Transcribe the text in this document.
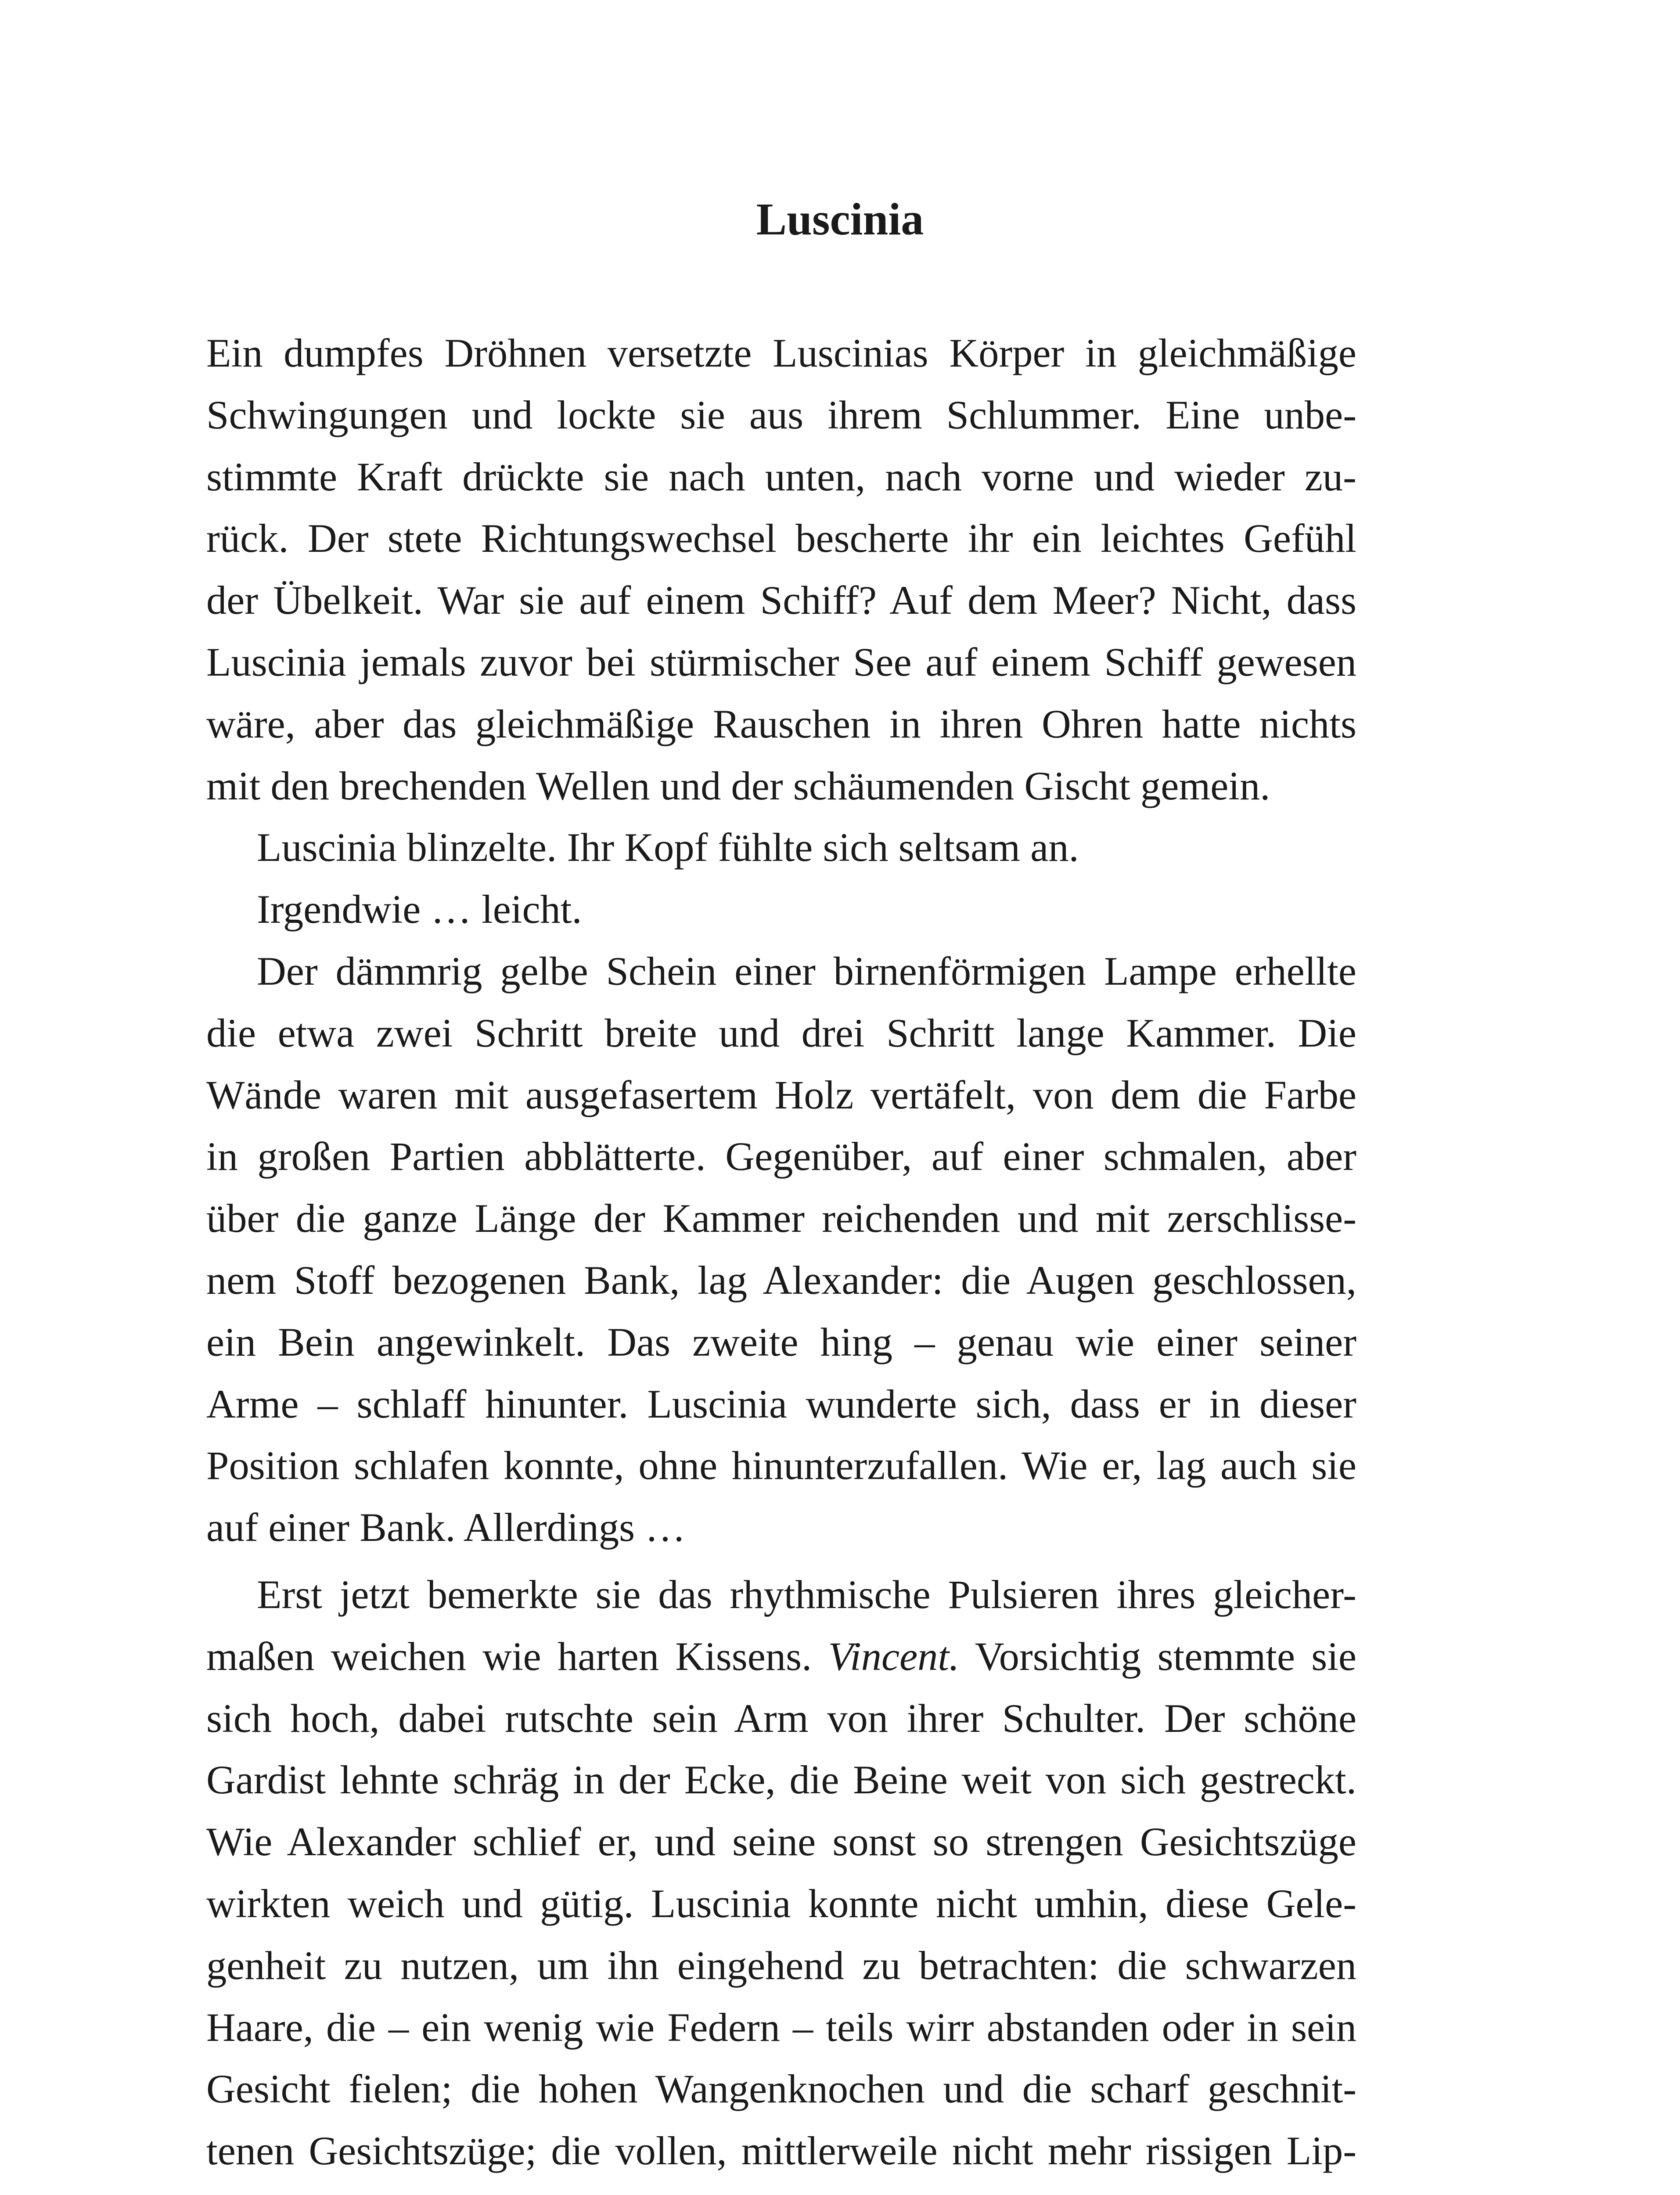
Luscinia
Ein dumpfes Dröhnen versetzte Luscinias Körper in gleichmäßige
Schwingungen und lockte sie aus ihrem Schlummer. Eine unbe-
stimmte Kraft drückte sie nach unten, nach vorne und wieder zu-
rück. Der stete Richtungswechsel bescherte ihr ein leichtes Gefühl
der Übelkeit. War sie auf einem Schiff? Auf dem Meer? Nicht, dass
Luscinia jemals zuvor bei stürmischer See auf einem Schiff gewesen
wäre, aber das gleichmäßige Rauschen in ihren Ohren hatte nichts
mit den brechenden Wellen und der schäumenden Gischt gemein.
Luscinia blinzelte. Ihr Kopf fühlte sich seltsam an.
Irgendwie … leicht.
Der dämmrig gelbe Schein einer birnenförmigen Lampe erhellte
die etwa zwei Schritt breite und drei Schritt lange Kammer. Die
Wände waren mit ausgefasertem Holz vertäfelt, von dem die Farbe
in großen Partien abblätterte. Gegenüber, auf einer schmalen, aber
über die ganze Länge der Kammer reichenden und mit zerschlisse-
nem Stoff bezogenen Bank, lag Alexander: die Augen geschlossen,
ein Bein angewinkelt. Das zweite hing – genau wie einer seiner
Arme – schlaff hinunter. Luscinia wunderte sich, dass er in dieser
Position schlafen konnte, ohne hinunterzufallen. Wie er, lag auch sie
auf einer Bank. Allerdings …
Erst jetzt bemerkte sie das rhythmische Pulsieren ihres gleicher-
maßen weichen wie harten Kissens. Vincent. Vorsichtig stemmte sie
sich hoch, dabei rutschte sein Arm von ihrer Schulter. Der schöne
Gardist lehnte schräg in der Ecke, die Beine weit von sich gestreckt.
Wie Alexander schlief er, und seine sonst so strengen Gesichtszüge
wirkten weich und gütig. Luscinia konnte nicht umhin, diese Gele-
genheit zu nutzen, um ihn eingehend zu betrachten: die schwarzen
Haare, die – ein wenig wie Federn – teils wirr abstanden oder in sein
Gesicht fielen; die hohen Wangenknochen und die scharf geschnit-
tenen Gesichtszüge; die vollen, mittlerweile nicht mehr rissigen Lip-
